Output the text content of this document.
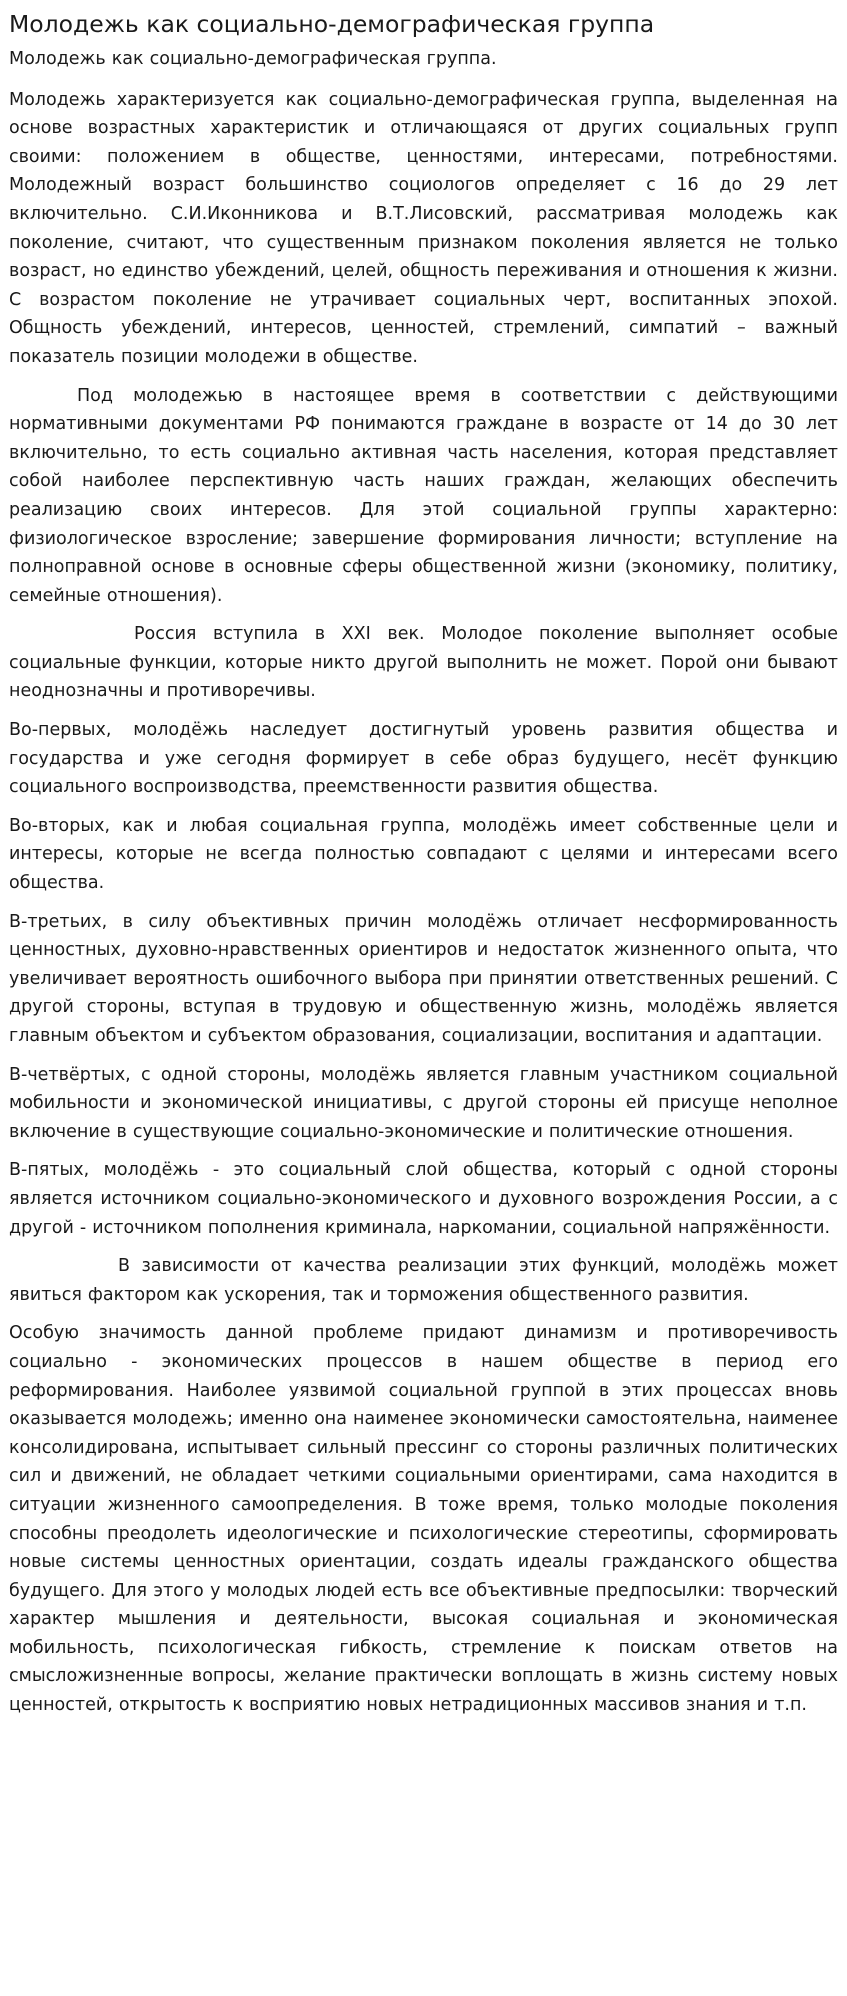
Молодежь как социально-демографическая группа

Молодежь как социально-демографическая группа.

Молодежь характеризуется как социально-демографическая группа, выделенная на основе возрастных характеристик и отличающаяся от других социальных групп своими: положением в обществе, ценностями, интересами, потребностями. Молодежный возраст большинство социологов определяет с 16 до 29 лет включительно. С.И.Иконникова и В.Т.Лисовский, рассматривая молодежь как поколение, считают, что существенным признаком поколения является не только возраст, но единство убеждений, целей, общность переживания и отношения к жизни. С возрастом поколение не утрачивает социальных черт, воспитанных эпохой. Общность убеждений, интересов, ценностей, стремлений, симпатий – важный показатель позиции молодежи в обществе.

Под молодежью в настоящее время в соответствии с действующими нормативными документами РФ понимаются граждане в возрасте от 14 до 30 лет включительно, то есть социально активная часть населения, которая представляет собой наиболее перспективную часть наших граждан, желающих обеспечить реализацию своих интересов. Для этой социальной группы характерно: физиологическое взросление; завершение формирования личности; вступление на полноправной основе в основные сферы общественной жизни (экономику, политику, семейные отношения).

Россия вступила в XXI век. Молодое поколение выполняет особые социальные функции, которые никто другой выполнить не может. Порой они бывают неоднозначны и противоречивы.

Во-первых, молодёжь наследует достигнутый уровень развития общества и государства и уже сегодня формирует в себе образ будущего, несёт функцию социального воспроизводства, преемственности развития общества.

Во-вторых, как и любая социальная группа, молодёжь имеет собственные цели и интересы, которые не всегда полностью совпадают с целями и интересами всего общества.

В-третьих, в силу объективных причин молодёжь отличает несформированность ценностных, духовно-нравственных ориентиров и недостаток жизненного опыта, что увеличивает вероятность ошибочного выбора при принятии ответственных решений. С другой стороны, вступая в трудовую и общественную жизнь, молодёжь является главным объектом и субъектом образования, социализации, воспитания и адаптации.

В-четвёртых, с одной стороны, молодёжь является главным участником социальной мобильности и экономической инициативы, с другой стороны ей присуще неполное включение в существующие социально-экономические и политические отношения.

В-пятых, молодёжь - это социальный слой общества, который с одной стороны является источником социально-экономического и духовного возрождения России, а с другой - источником пополнения криминала, наркомании, социальной напряжённости.

В зависимости от качества реализации этих функций, молодёжь может явиться фактором как ускорения, так и торможения общественного развития.

Особую значимость данной проблеме придают динамизм и противоречивость социально - экономических процессов в нашем обществе в период его реформирования. Наиболее уязвимой социальной группой в этих процессах вновь оказывается молодежь; именно она наименее экономически самостоятельна, наименее консолидирована, испытывает сильный прессинг со стороны различных политических сил и движений, не обладает четкими социальными ориентирами, сама находится в ситуации жизненного самоопределения. В тоже время, только молодые поколения способны преодолеть идеологические и психологические стереотипы, сформировать новые системы ценностных ориентации, создать идеалы гражданского общества будущего. Для этого у молодых людей есть все объективные предпосылки: творческий характер мышления и деятельности, высокая социальная и экономическая мобильность, психологическая гибкость, стремление к поискам ответов на смысложизненные вопросы, желание практически воплощать в жизнь систему новых ценностей, открытость к восприятию новых нетрадиционных массивов знания и т.п.
